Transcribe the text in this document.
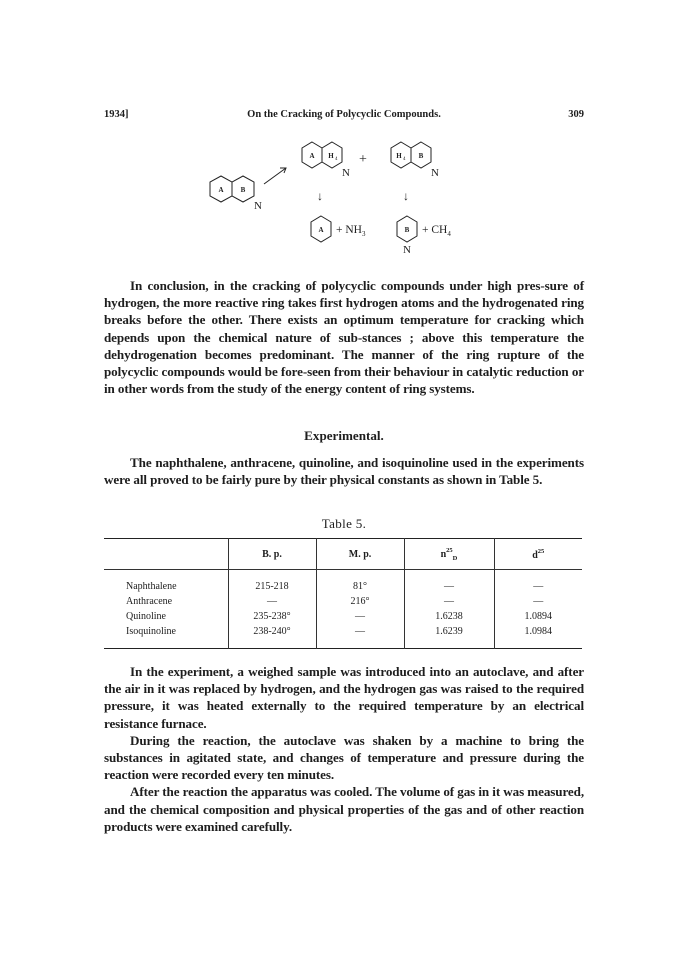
1934]	On the Cracking of Polycyclic Compounds.	309
A B
A H	H B
A	B
4	4
N
N	N
N
+
↓	↓
+ $NH_3$	+ $CH_4$

In conclusion, in the cracking of polycyclic compounds under high pres-sure of hydrogen, the more reactive ring takes first hydrogen atoms and the hydrogenated ring breaks before the other. There exists an optimum temperature for cracking which depends upon the chemical nature of sub-stances ; above this temperature the dehydrogenation becomes predominant. The manner of the ring rupture of the polycyclic compounds would be fore-seen from their behaviour in catalytic reduction or in other words from the study of the energy content of ring systems.

Experimental.

The naphthalene, anthracene, quinoline, and isoquinoline used in the experiments were all proved to be fairly pure by their physical constants as shown in Table 5.

Table 5.
	B. p.	M. p.	$n^{25}_D$	$d^{25}$
Naphthalene	215-218	81°	—	—
Anthracene	—	216°	—	—
Quinoline	235-238°	—	1.6238	1.0894
Isoquinoline	238-240°	—	1.6239	1.0984

In the experiment, a weighed sample was introduced into an autoclave, and after the air in it was replaced by hydrogen, and the hydrogen gas was raised to the required pressure, it was heated externally to the required temperature by an electrical resistance furnace.

During the reaction, the autoclave was shaken by a machine to bring the substances in agitated state, and changes of temperature and pressure during the reaction were recorded every ten minutes.

After the reaction the apparatus was cooled. The volume of gas in it was measured, and the chemical composition and physical properties of the gas and of other reaction products were examined carefully.
